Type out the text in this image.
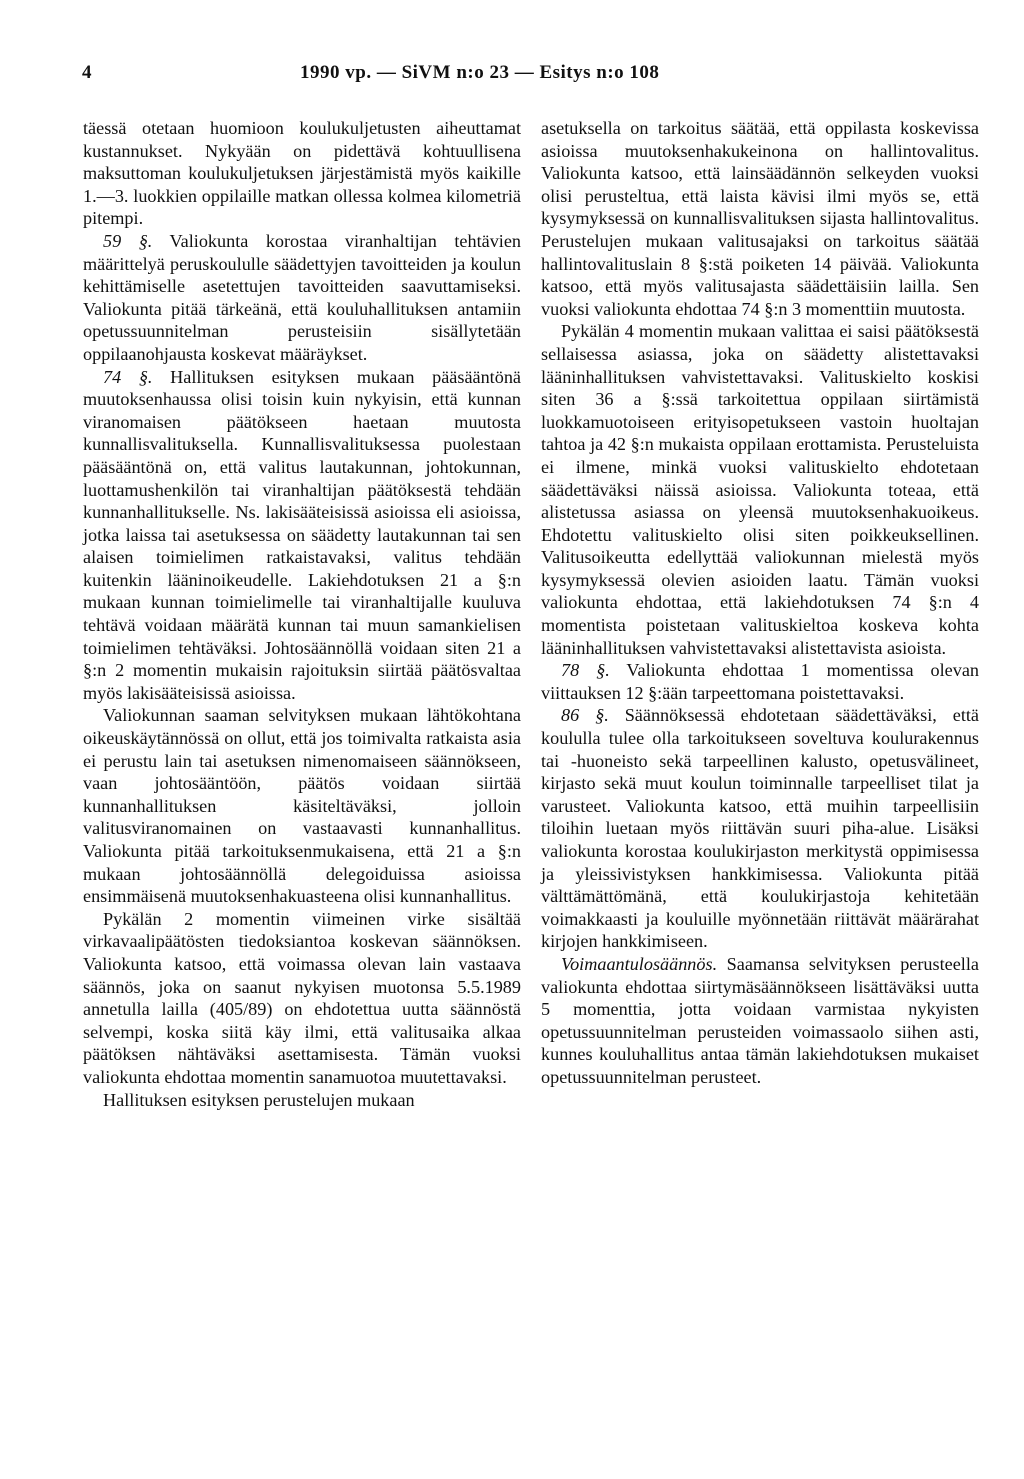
4	1990 vp. — SiVM n:o 23 — Esitys n:o 108

täessä otetaan huomioon koulukuljetusten aiheuttamat kustannukset. Nykyään on pidettävä kohtuullisena maksuttoman koulukuljetuksen järjestämistä myös kaikille 1.—3. luokkien oppilaille matkan ollessa kolmea kilometriä pitempi.

59 §. Valiokunta korostaa viranhaltijan tehtävien määrittelyä peruskoululle säädettyjen tavoitteiden ja koulun kehittämiselle asetettujen tavoitteiden saavuttamiseksi. Valiokunta pitää tärkeänä, että kouluhallituksen antamiin opetussuunnitelman perusteisiin sisällytetään oppilaanohjausta koskevat määräykset.

74 §. Hallituksen esityksen mukaan pääsääntönä muutoksenhaussa olisi toisin kuin nykyisin, että kunnan viranomaisen päätökseen haetaan muutosta kunnallisvalituksella. Kunnallisvalituksessa puolestaan pääsääntönä on, että valitus lautakunnan, johtokunnan, luottamushenkilön tai viranhaltijan päätöksestä tehdään kunnanhallitukselle. Ns. lakisääteisissä asioissa eli asioissa, jotka laissa tai asetuksessa on säädetty lautakunnan tai sen alaisen toimielimen ratkaistavaksi, valitus tehdään kuitenkin lääninoikeudelle. Lakiehdotuksen 21 a §:n mukaan kunnan toimielimelle tai viranhaltijalle kuuluva tehtävä voidaan määrätä kunnan tai muun samankielisen toimielimen tehtäväksi. Johtosäännöllä voidaan siten 21 a §:n 2 momentin mukaisin rajoituksin siirtää päätösvaltaa myös lakisääteisissä asioissa.

Valiokunnan saaman selvityksen mukaan lähtökohtana oikeuskäytännössä on ollut, että jos toimivalta ratkaista asia ei perustu lain tai asetuksen nimenomaiseen säännökseen, vaan johtosääntöön, päätös voidaan siirtää kunnanhallituksen käsiteltäväksi, jolloin valitusviranomainen on vastaavasti kunnanhallitus. Valiokunta pitää tarkoituksenmukaisena, että 21 a §:n mukaan johtosäännöllä delegoiduissa asioissa ensimmäisenä muutoksenhakuasteena olisi kunnanhallitus.

Pykälän 2 momentin viimeinen virke sisältää virkavaalipäätösten tiedoksiantoa koskevan säännöksen. Valiokunta katsoo, että voimassa olevan lain vastaava säännös, joka on saanut nykyisen muotonsa 5.5.1989 annetulla lailla (405/89) on ehdotettua uutta säännöstä selvempi, koska siitä käy ilmi, että valitusaika alkaa päätöksen nähtäväksi asettamisesta. Tämän vuoksi valiokunta ehdottaa momentin sanamuotoa muutettavaksi.

Hallituksen esityksen perustelujen mukaan

asetuksella on tarkoitus säätää, että oppilasta koskevissa asioissa muutoksenhakukeinona on hallintovalitus. Valiokunta katsoo, että lainsäädännön selkeyden vuoksi olisi perusteltua, että laista kävisi ilmi myös se, että kysymyksessä on kunnallisvalituksen sijasta hallintovalitus. Perustelujen mukaan valitusajaksi on tarkoitus säätää hallintovalituslain 8 §:stä poiketen 14 päivää. Valiokunta katsoo, että myös valitusajasta säädettäisiin lailla. Sen vuoksi valiokunta ehdottaa 74 §:n 3 momenttiin muutosta.

Pykälän 4 momentin mukaan valittaa ei saisi päätöksestä sellaisessa asiassa, joka on säädetty alistettavaksi lääninhallituksen vahvistettavaksi. Valituskielto koskisi siten 36 a §:ssä tarkoitettua oppilaan siirtämistä luokkamuotoiseen erityisopetukseen vastoin huoltajan tahtoa ja 42 §:n mukaista oppilaan erottamista. Perusteluista ei ilmene, minkä vuoksi valituskielto ehdotetaan säädettäväksi näissä asioissa. Valiokunta toteaa, että alistetussa asiassa on yleensä muutoksenhakuoikeus. Ehdotettu valituskielto olisi siten poikkeuksellinen. Valitusoikeutta edellyttää valiokunnan mielestä myös kysymyksessä olevien asioiden laatu. Tämän vuoksi valiokunta ehdottaa, että lakiehdotuksen 74 §:n 4 momentista poistetaan valituskieltoa koskeva kohta lääninhallituksen vahvistettavaksi alistettavista asioista.

78 §. Valiokunta ehdottaa 1 momentissa olevan viittauksen 12 §:ään tarpeettomana poistettavaksi.

86 §. Säännöksessä ehdotetaan säädettäväksi, että koululla tulee olla tarkoitukseen soveltuva koulurakennus tai -huoneisto sekä tarpeellinen kalusto, opetusvälineet, kirjasto sekä muut koulun toiminnalle tarpeelliset tilat ja varusteet. Valiokunta katsoo, että muihin tarpeellisiin tiloihin luetaan myös riittävän suuri piha-alue. Lisäksi valiokunta korostaa koulukirjaston merkitystä oppimisessa ja yleissivistyksen hankkimisessa. Valiokunta pitää välttämättömänä, että koulukirjastoja kehitetään voimakkaasti ja kouluille myönnetään riittävät määrärahat kirjojen hankkimiseen.

Voimaantulosäännös. Saamansa selvityksen perusteella valiokunta ehdottaa siirtymäsäännökseen lisättäväksi uutta 5 momenttia, jotta voidaan varmistaa nykyisten opetussuunnitelman perusteiden voimassaolo siihen asti, kunnes kouluhallitus antaa tämän lakiehdotuksen mukaiset opetussuunnitelman perusteet.
